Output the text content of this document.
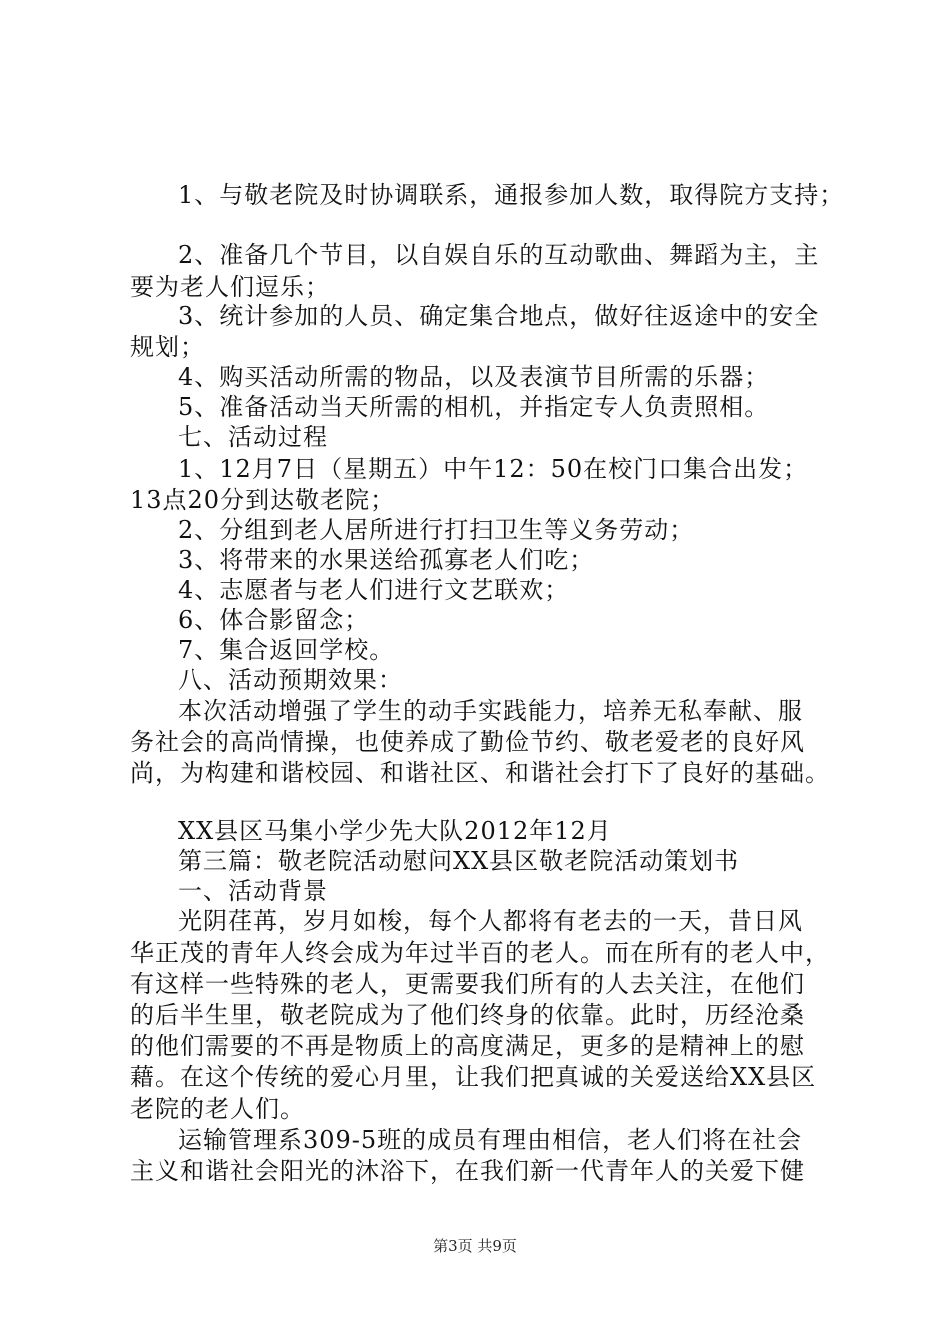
1、与敬老院及时协调联系，通报参加人数，取得院方支持；
2、准备几个节目，以自娱自乐的互动歌曲、舞蹈为主，主
要为老人们逗乐；
3、统计参加的人员、确定集合地点，做好往返途中的安全
规划；
4、购买活动所需的物品，以及表演节目所需的乐器；
5、准备活动当天所需的相机，并指定专人负责照相。
七、活动过程
1、12月7日（星期五）中午12：50在校门口集合出发；
13点20分到达敬老院；
2、分组到老人居所进行打扫卫生等义务劳动；
3、将带来的水果送给孤寡老人们吃；
4、志愿者与老人们进行文艺联欢；
6、体合影留念；
7、集合返回学校。
八、活动预期效果：
本次活动增强了学生的动手实践能力，培养无私奉献、服
务社会的高尚情操，也使养成了勤俭节约、敬老爱老的良好风
尚，为构建和谐校园、和谐社区、和谐社会打下了良好的基础。
XX县区马集小学少先大队2012年12月
第三篇：敬老院活动慰问XX县区敬老院活动策划书
一、活动背景
光阴荏苒，岁月如梭，每个人都将有老去的一天，昔日风
华正茂的青年人终会成为年过半百的老人。而在所有的老人中，
有这样一些特殊的老人，更需要我们所有的人去关注，在他们
的后半生里，敬老院成为了他们终身的依靠。此时，历经沧桑
的他们需要的不再是物质上的高度满足，更多的是精神上的慰
藉。在这个传统的爱心月里，让我们把真诚的关爱送给XX县区
老院的老人们。
运输管理系309-5班的成员有理由相信，老人们将在社会
主义和谐社会阳光的沐浴下，在我们新一代青年人的关爱下健
第3页 共9页
